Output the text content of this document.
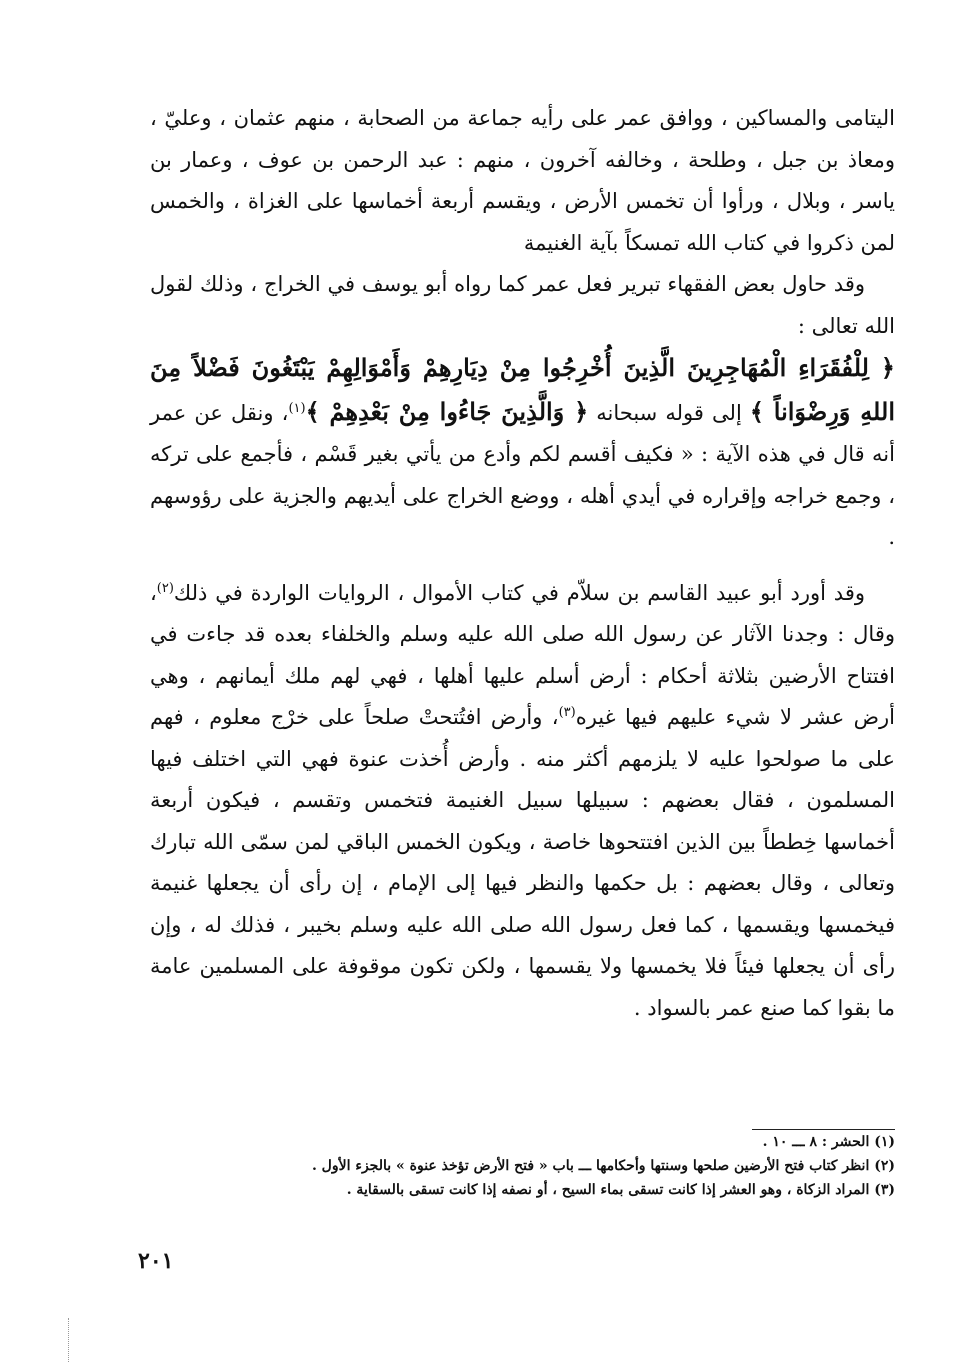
اليتامى والمساكين ، ووافق عمر على رأيه جماعة من الصحابة ، منهم عثمان ، وعليّ ، ومعاذ بن جبل ، وطلحة ، وخالفه آخرون ، منهم : عبد الرحمن بن عوف ، وعمار بن ياسر ، وبلال ، ورأوا أن تخمس الأرض ، ويقسم أربعة أخماسها على الغزاة ، والخمس لمن ذكروا في كتاب الله تمسكاً بآية الغنيمة

وقد حاول بعض الفقهاء تبرير فعل عمر كما رواه أبو يوسف في الخراج ، وذلك لقول الله تعالى :

﴿ لِلْفُقَرَاءِ الْمُهَاجِرِينَ الَّذِينَ أُخْرِجُوا مِنْ دِيَارِهِمْ وَأَمْوَالِهِمْ يَبْتَغُونَ فَضْلاً مِنَ اللهِ وَرِضْوَاناً ﴾ إلى قوله سبحانه ﴿ وَالَّذِينَ جَاءُوا مِنْ بَعْدِهِمْ ﴾$^{(١)}$، ونقل عن عمر أنه قال في هذه الآية : « فكيف أقسم لكم وأدع من يأتي بغير قَسْم ، فأجمع على تركه ، وجمع خراجه وإقراره في أيدي أهله ، ووضع الخراج على أيديهم والجزية على رؤوسهم .

وقد أورد أبو عبيد القاسم بن سلاّم في كتاب الأموال ، الروايات الواردة في ذلك$^{(٢)}$، وقال : وجدنا الآثار عن رسول الله صلى الله عليه وسلم والخلفاء بعده قد جاءت في افتتاح الأرضين بثلاثة أحكام : أرض أسلم عليها أهلها ، فهي لهم ملك أيمانهم ، وهي أرض عشر لا شيء عليهم فيها غيره$^{(٣)}$، وأرض افتُتحتْ صلحاً على خرْج معلوم ، فهم على ما صولحوا عليه لا يلزمهم أكثر منه . وأرض أُخذت عنوة فهي التي اختلف فيها المسلمون ، فقال بعضهم : سبيلها سبيل الغنيمة فتخمس وتقسم ، فيكون أربعة أخماسها خِططاً بين الذين افتتحوها خاصة ، ويكون الخمس الباقي لمن سمّى الله تبارك وتعالى ، وقال بعضهم : بل حكمها والنظر فيها إلى الإمام ، إن رأى أن يجعلها غنيمة فيخمسها ويقسمها ، كما فعل رسول الله صلى الله عليه وسلم بخيبر ، فذلك له ، وإن رأى أن يجعلها فيئاً فلا يخمسها ولا يقسمها ، ولكن تكون موقوفة على المسلمين عامة ما بقوا كما صنع عمر بالسواد .

(١) الحشر : ٨ ـــ ١٠ .

(٢) انظر كتاب فتح الأرضين صلحها وسنتها وأحكامها ـــ باب « فتح الأرض تؤخذ عنوة » بالجزء الأول .

(٣) المراد الزكاة ، وهو العشر إذا كانت تسقى بماء السيح ، أو نصفه إذا كانت تسقى بالسقاية .

٢٠١
